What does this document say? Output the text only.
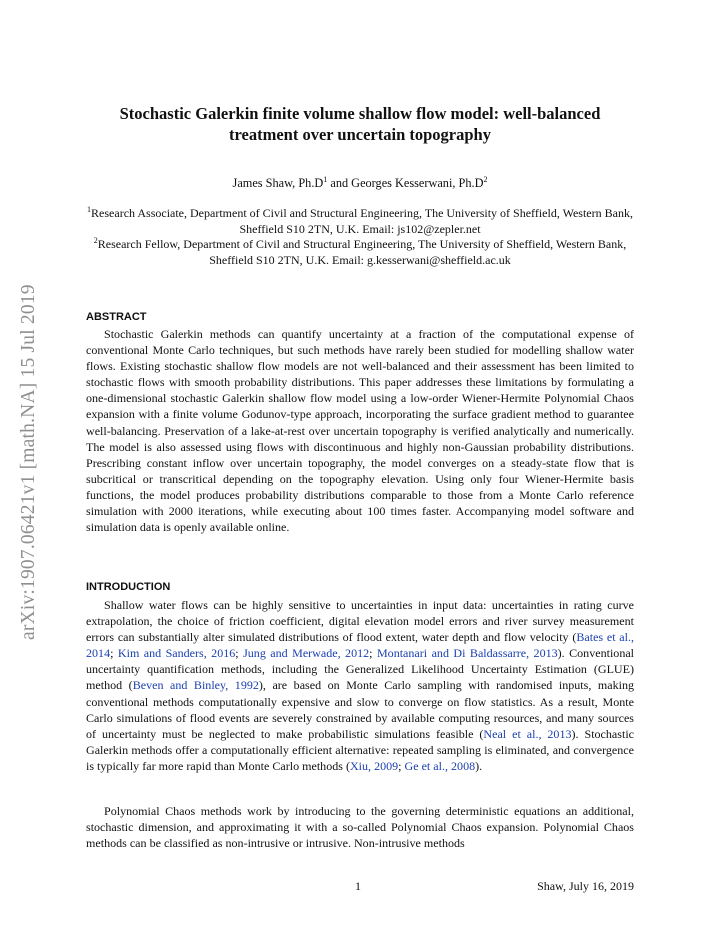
arXiv:1907.06421v1 [math.NA] 15 Jul 2019
Stochastic Galerkin finite volume shallow flow model: well-balanced
treatment over uncertain topography
James Shaw, $Ph.D^1$ and Georges Kesserwani, $Ph.D^2$
$^1$Research Associate, Department of Civil and Structural Engineering, The University of Sheffield, Western Bank, Sheffield S10 2TN, U.K. Email: js102@zepler.net
$^2$Research Fellow, Department of Civil and Structural Engineering, The University of Sheffield, Western Bank, Sheffield S10 2TN, U.K. Email: g.kesserwani@sheffield.ac.uk
ABSTRACT

Stochastic Galerkin methods can quantify uncertainty at a fraction of the computational expense of conventional Monte Carlo techniques, but such methods have rarely been studied for modelling shallow water flows. Existing stochastic shallow flow models are not well-balanced and their assessment has been limited to stochastic flows with smooth probability distributions. This paper addresses these limitations by formulating a one-dimensional stochastic Galerkin shallow flow model using a low-order Wiener-Hermite Polynomial Chaos expansion with a finite volume Godunov-type approach, incorporating the surface gradient method to guarantee well-balancing. Preservation of a lake-at-rest over uncertain topography is verified analytically and numerically. The model is also assessed using flows with discontinuous and highly non-Gaussian probability distributions. Prescribing constant inflow over uncertain topography, the model converges on a steady-state flow that is subcritical or transcritical depending on the topography elevation. Using only four Wiener-Hermite basis functions, the model produces probability distributions comparable to those from a Monte Carlo reference simulation with 2000 iterations, while executing about 100 times faster. Accompanying model software and simulation data is openly available online.

INTRODUCTION

Shallow water flows can be highly sensitive to uncertainties in input data: uncertainties in rating curve extrapolation, the choice of friction coefficient, digital elevation model errors and river survey measurement errors can substantially alter simulated distributions of flood extent, water depth and flow velocity (Bates et al., 2014; Kim and Sanders, 2016; Jung and Merwade, 2012; Montanari and Di Baldassarre, 2013). Conventional uncertainty quantification methods, including the Generalized Likelihood Uncertainty Estimation (GLUE) method (Beven and Binley, 1992), are based on Monte Carlo sampling with randomised inputs, making conventional methods computationally expensive and slow to converge on flow statistics. As a result, Monte Carlo simulations of flood events are severely constrained by available computing resources, and many sources of uncertainty must be neglected to make probabilistic simulations feasible (Neal et al., 2013). Stochastic Galerkin methods offer a computationally efficient alternative: repeated sampling is eliminated, and convergence is typically far more rapid than Monte Carlo methods (Xiu, 2009; Ge et al., 2008).

Polynomial Chaos methods work by introducing to the governing deterministic equations an additional, stochastic dimension, and approximating it with a so-called Polynomial Chaos expansion. Polynomial Chaos methods can be classified as non-intrusive or intrusive. Non-intrusive methods

1	Shaw, July 16, 2019
